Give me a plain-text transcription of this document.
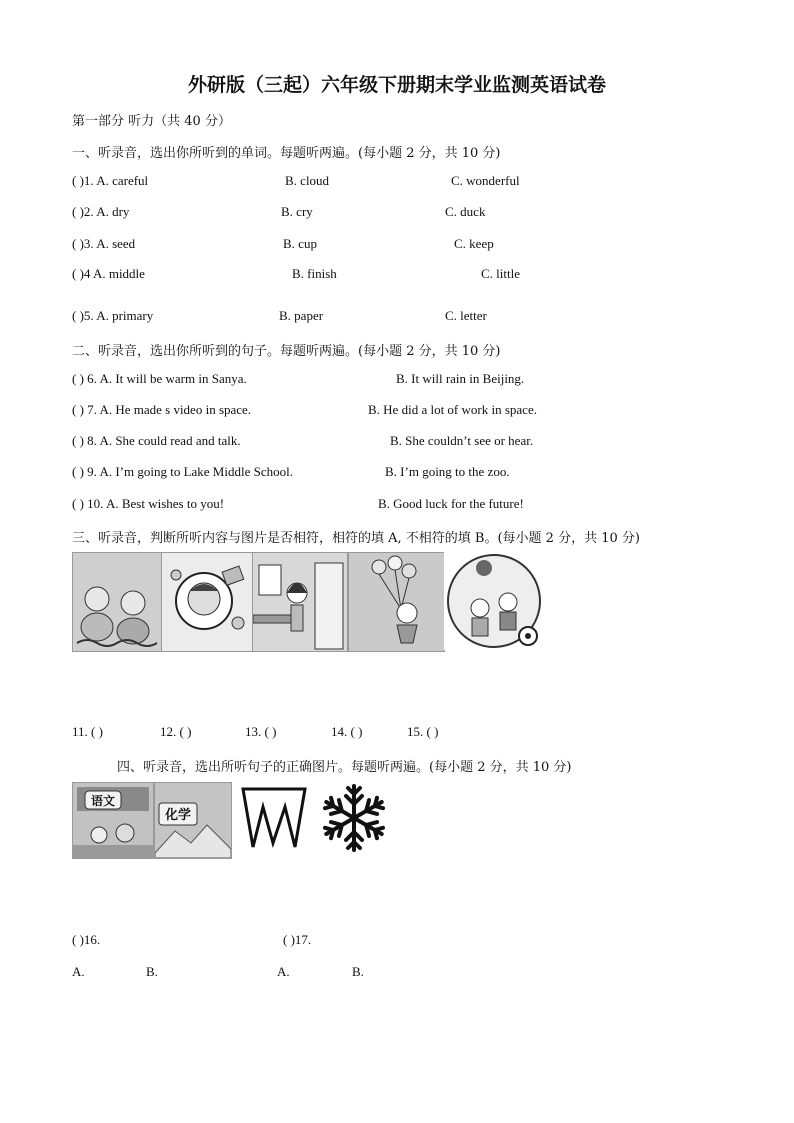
外研版（三起）六年级下册期末学业监测英语试卷
第一部分 听力（共 40 分）
一、听录音，选出你所听到的单词。每题听两遍。(每小题 2 分，共 10 分)
( )1. A. careful	B. cloud	C. wonderful
( )2. A. dry	B. cry	C. duck
( )3. A. seed	B. cup	C. keep
( )4 A. middle	B. finish	C. little
( )5. A. primary	B. paper	C. letter
二、听录音，选出你所听到的句子。每题听两遍。(每小题 2 分，共 10 分)
( ) 6. A. It will be warm in Sanya.	B. It will rain in Beijing.
( ) 7. A. He made s video in space.	B. He did a lot of work in space.
( ) 8. A. She could read and talk.	B. She couldn’t see or hear.
( ) 9. A. I’m going to Lake Middle School.	B. I’m going to the zoo.
( ) 10. A. Best wishes to you!	B. Good luck for the future!
三、听录音，判断所听内容与图片是否相符，相符的填 A, 不相符的填 B。(每小题 2 分，共 10 分)
11. ( )	12. ( )	13. ( )	14. ( )	15. ( )
四、听录音，选出所听句子的正确图片。每题听两遍。(每小题 2 分，共 10 分)
语文
化学
( )16.	( )17.
A.	B.	A.	B.
